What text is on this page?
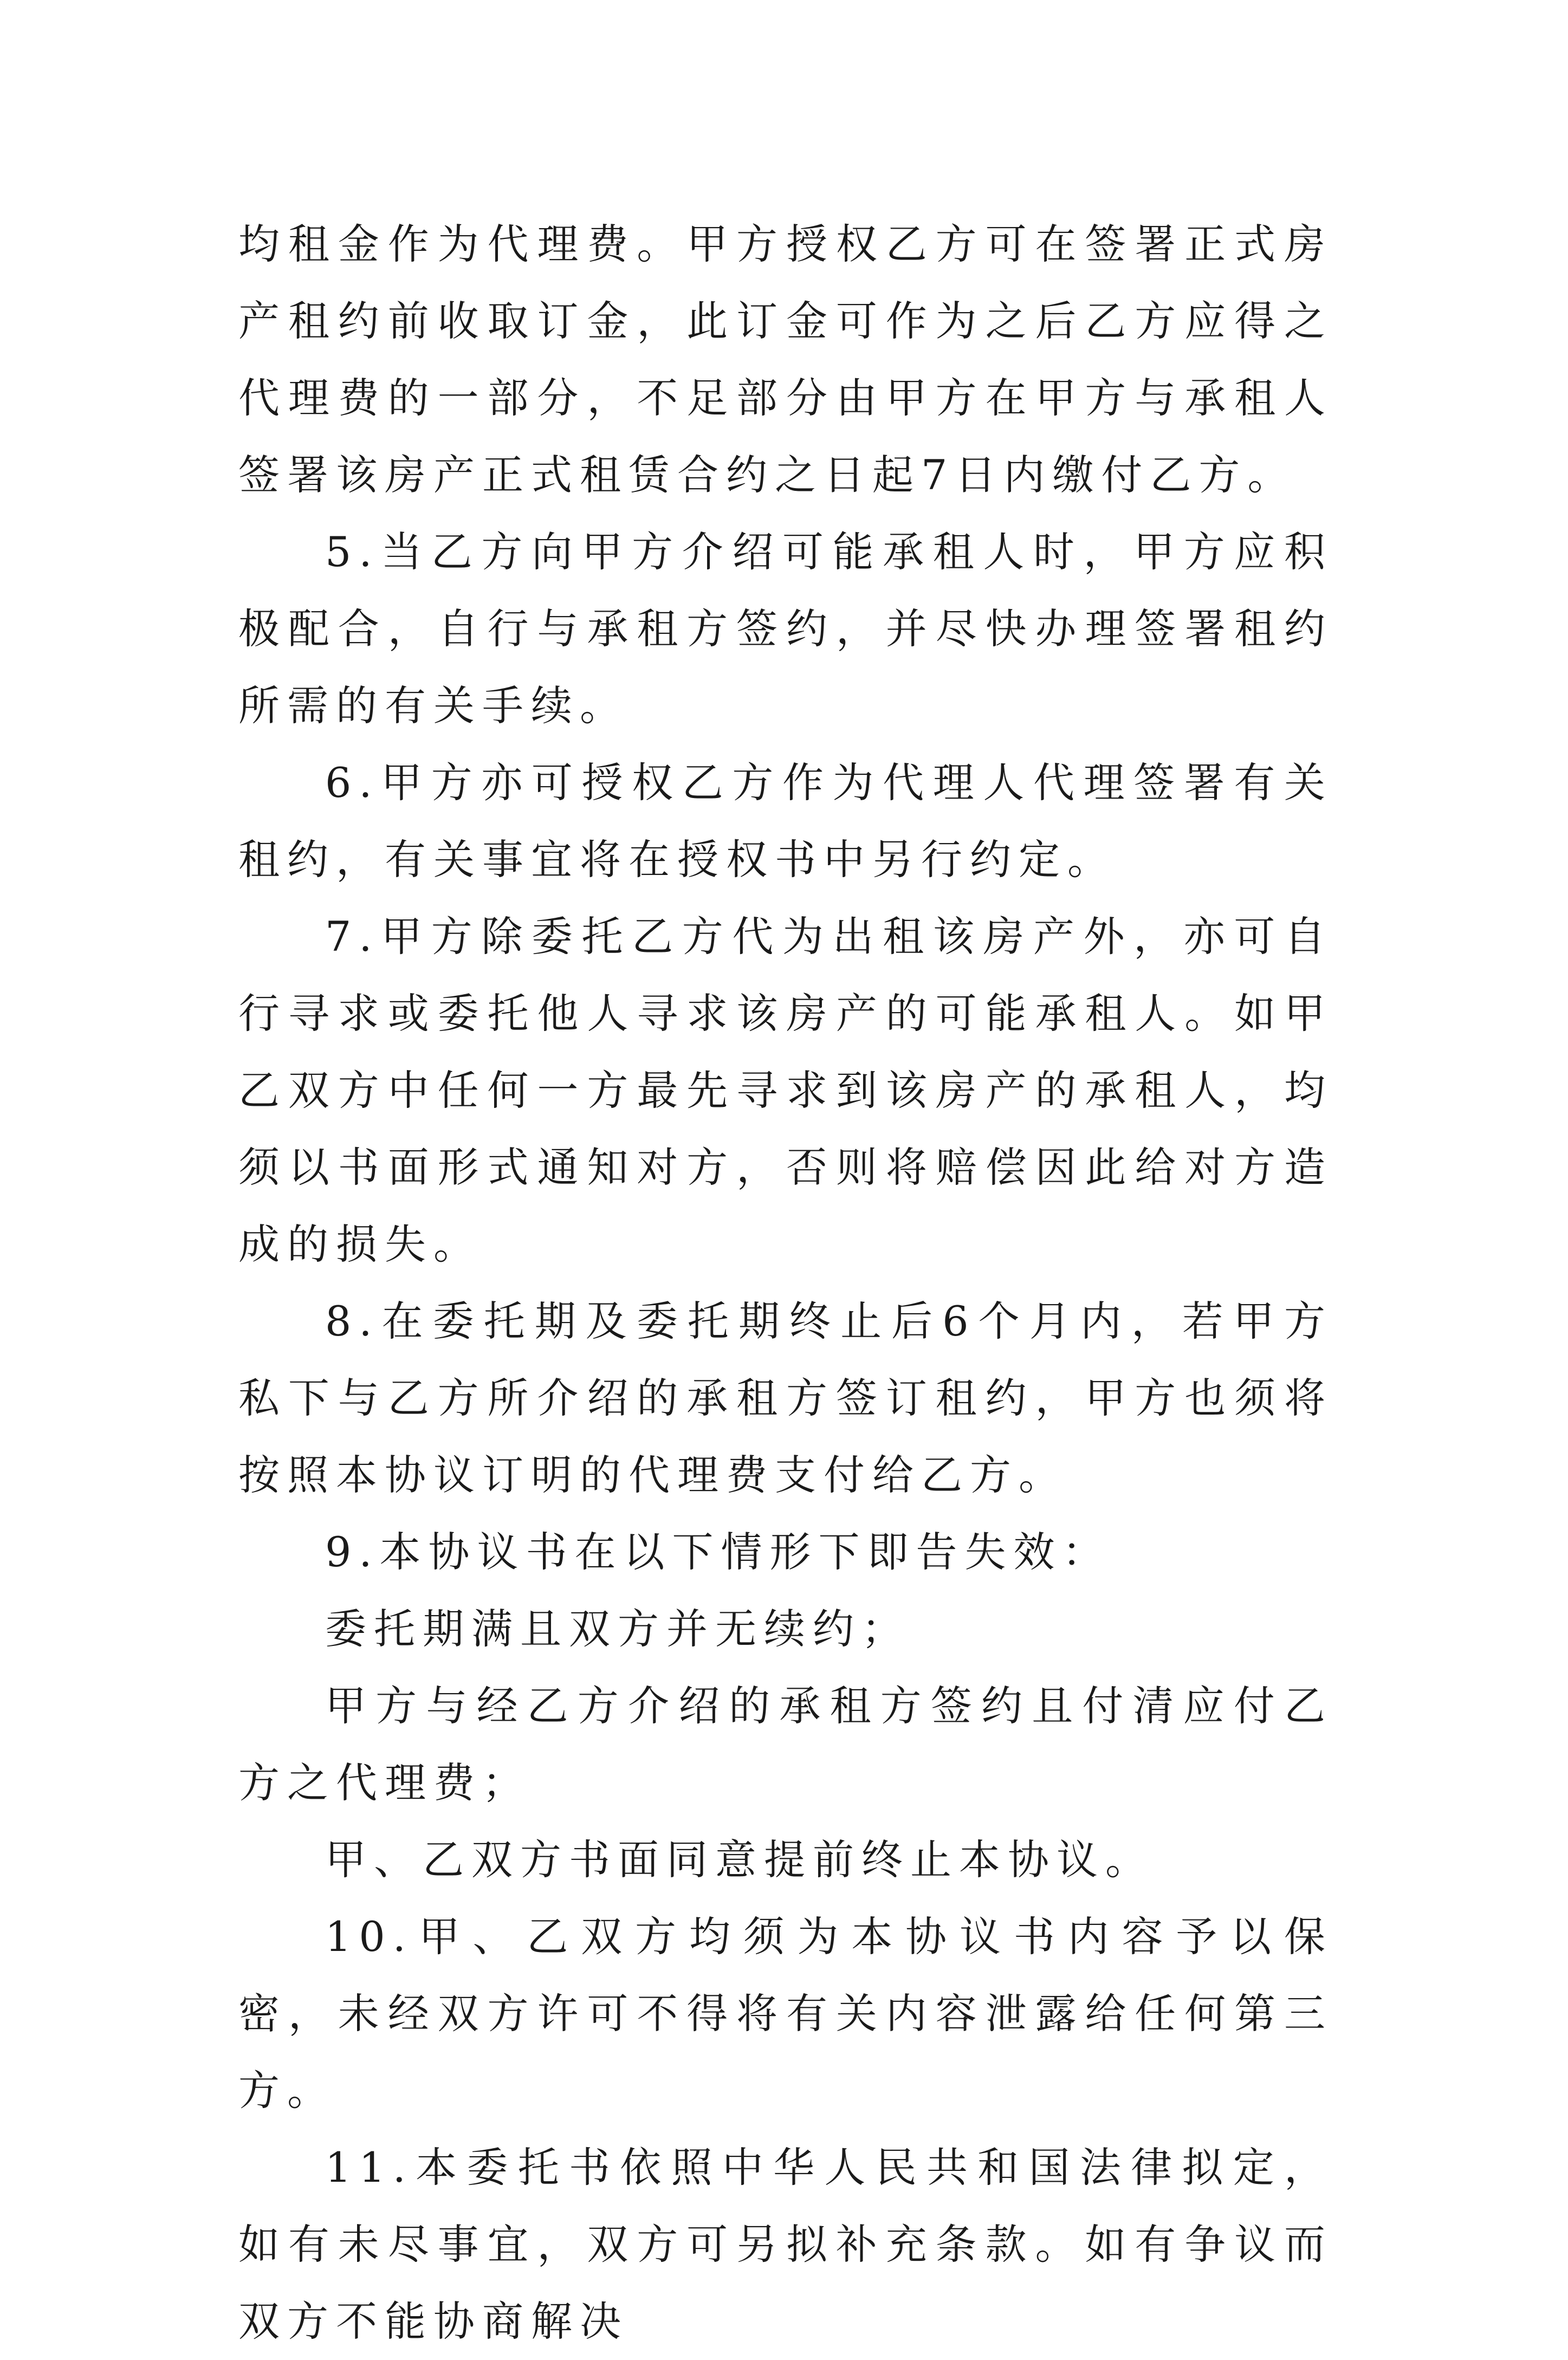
均租金作为代理费。甲方授权乙方可在签署正式房产租约前收取订金，此订金可作为之后乙方应得之代理费的一部分，不足部分由甲方在甲方与承租人签署该房产正式租赁合约之日起7日内缴付乙方。

5.当乙方向甲方介绍可能承租人时，甲方应积极配合，自行与承租方签约，并尽快办理签署租约所需的有关手续。

6.甲方亦可授权乙方作为代理人代理签署有关租约，有关事宜将在授权书中另行约定。

7.甲方除委托乙方代为出租该房产外，亦可自行寻求或委托他人寻求该房产的可能承租人。如甲乙双方中任何一方最先寻求到该房产的承租人，均须以书面形式通知对方，否则将赔偿因此给对方造成的损失。

8.在委托期及委托期终止后6个月内，若甲方私下与乙方所介绍的承租方签订租约，甲方也须将按照本协议订明的代理费支付给乙方。

9.本协议书在以下情形下即告失效：

委托期满且双方并无续约；

甲方与经乙方介绍的承租方签约且付清应付乙方之代理费；

甲、乙双方书面同意提前终止本协议。

10.甲、乙双方均须为本协议书内容予以保密，未经双方许可不得将有关内容泄露给任何第三方。

11.本委托书依照中华人民共和国法律拟定，如有未尽事宜，双方可另拟补充条款。如有争议而双方不能协商解决
